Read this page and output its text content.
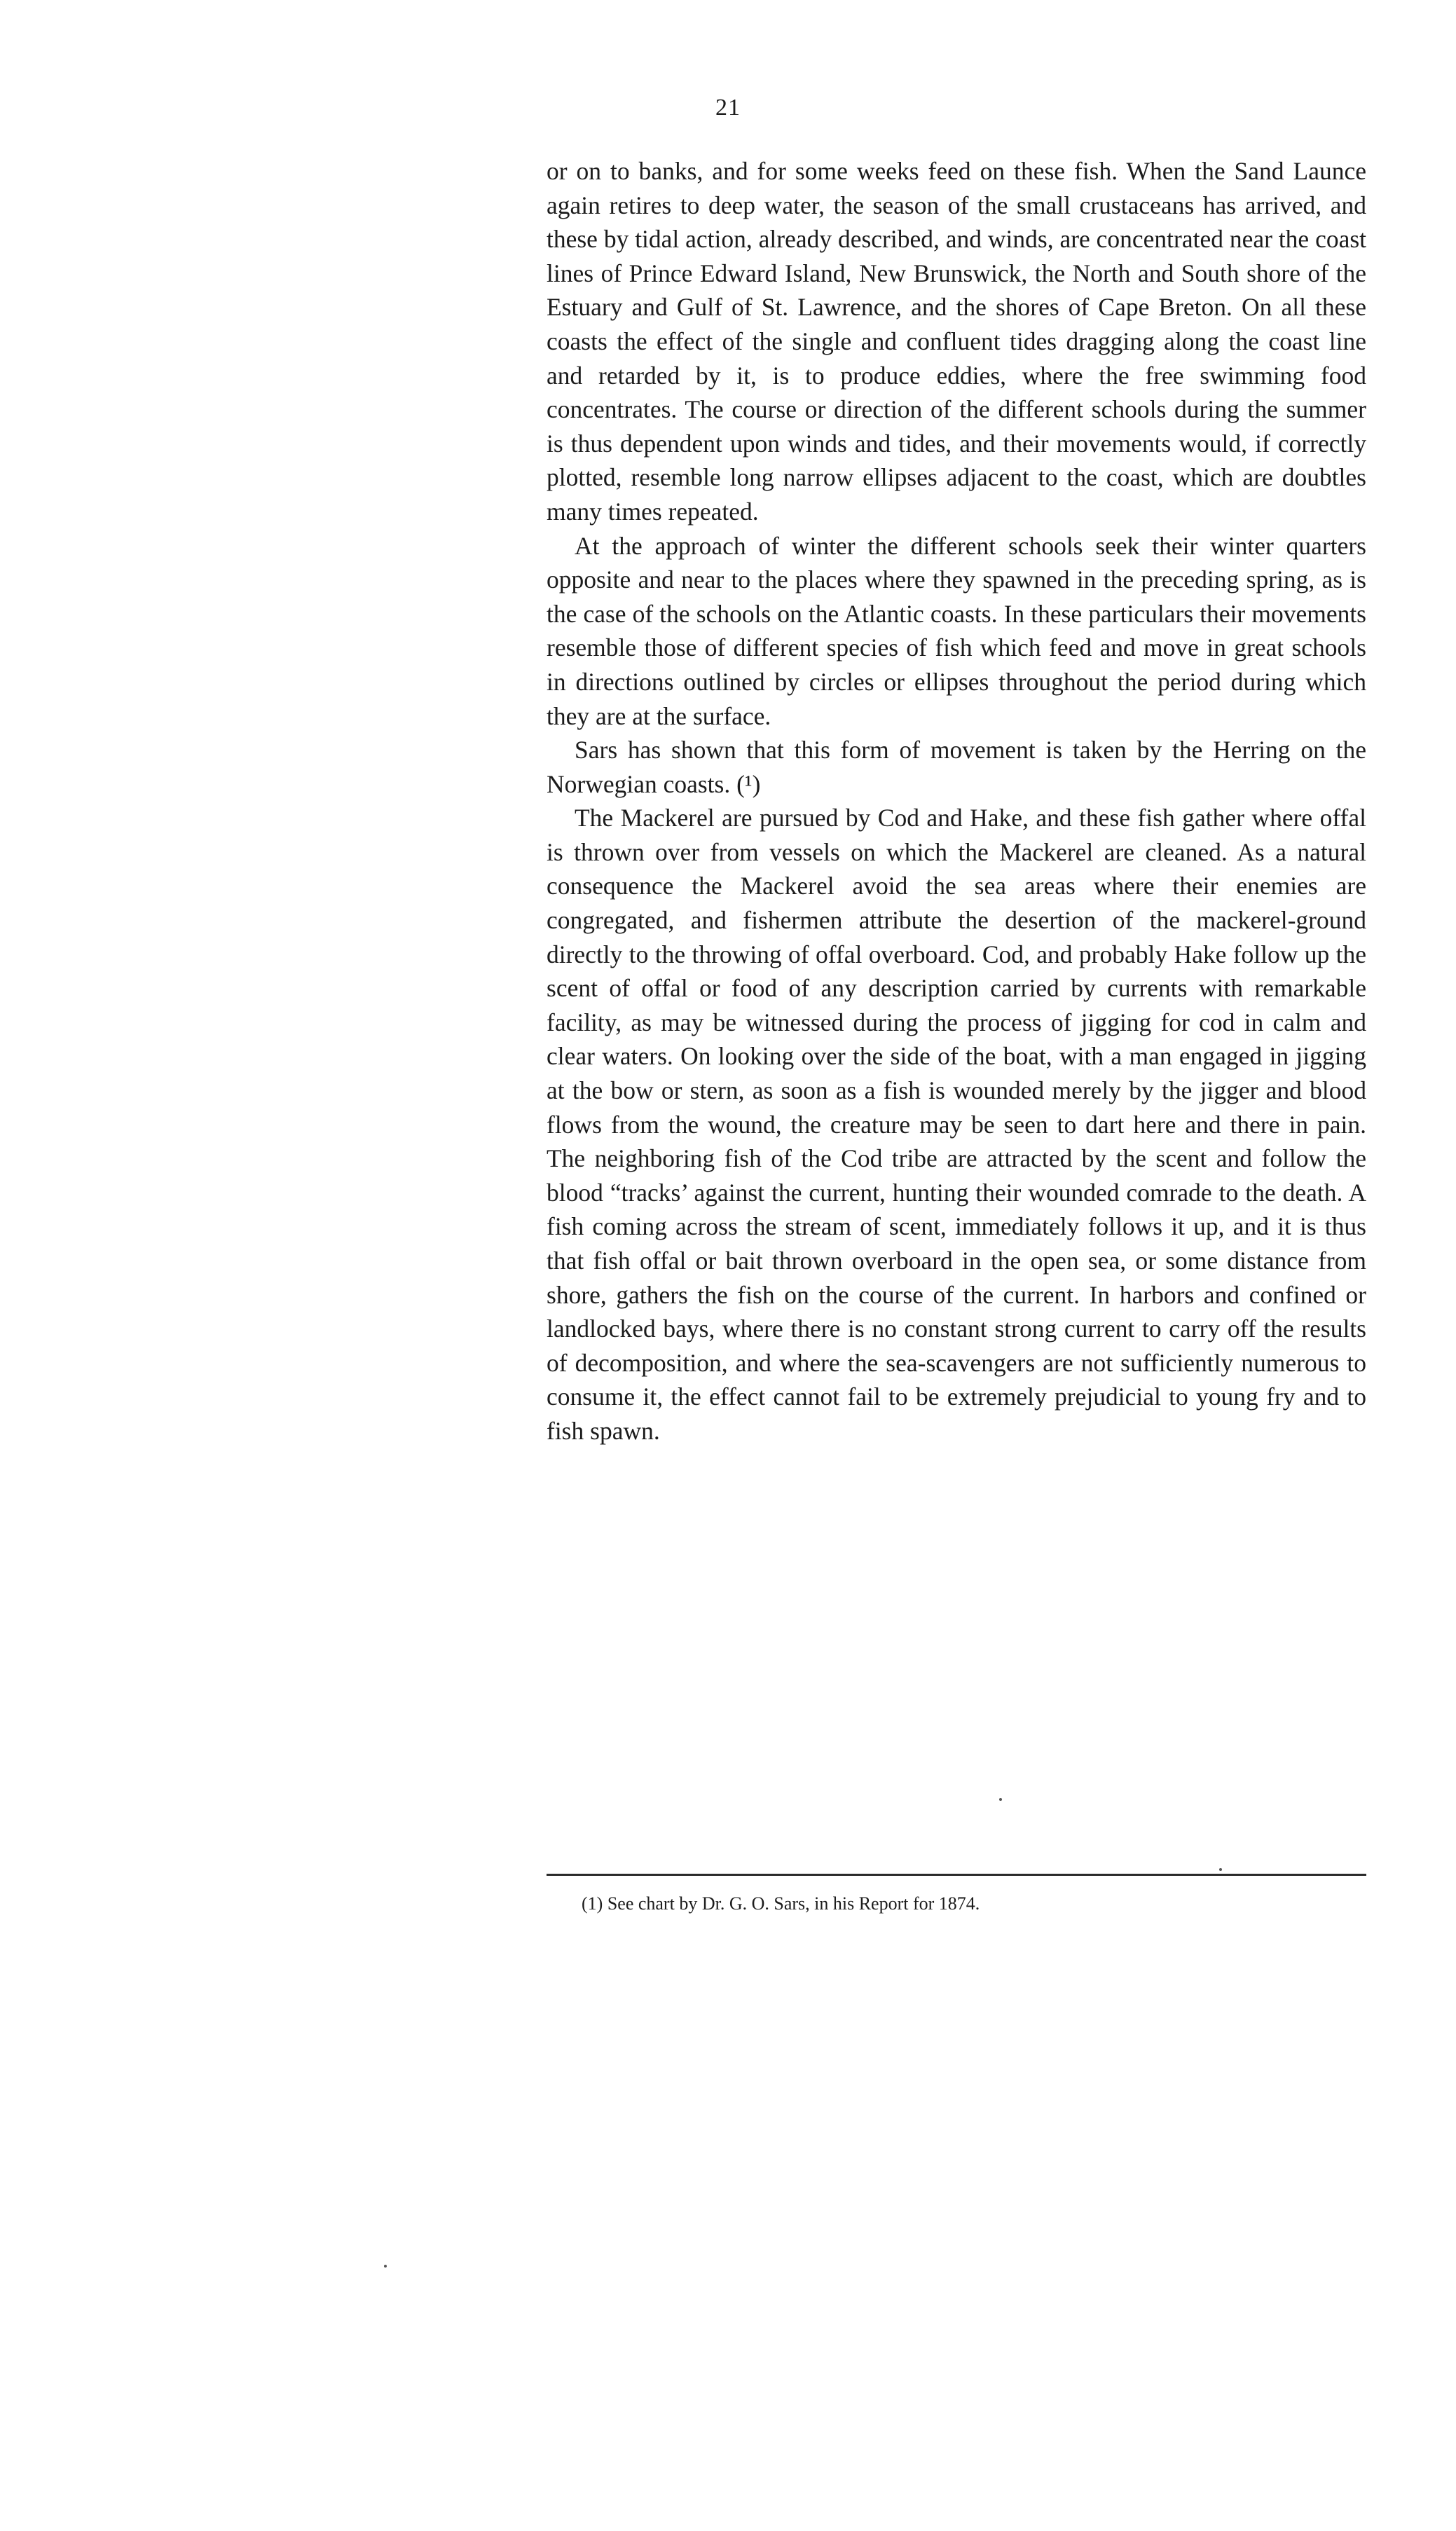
21

or on to banks, and for some weeks feed on these fish. When the Sand Launce again retires to deep water, the season of the small crustaceans has arrived, and these by tidal action, already described, and winds, are concentrated near the coast lines of Prince Edward Island, New Brunswick, the North and South shore of the Estuary and Gulf of St. Lawrence, and the shores of Cape Breton. On all these coasts the effect of the single and confluent tides dragging along the coast line and retarded by it, is to produce eddies, where the free swimming food concentrates. The course or direction of the different schools during the summer is thus dependent upon winds and tides, and their movements would, if correctly plotted, resemble long narrow ellipses adjacent to the coast, which are doubtles many times repeated.

At the approach of winter the different schools seek their winter quarters opposite and near to the places where they spawned in the preceding spring, as is the case of the schools on the Atlantic coasts. In these particulars their movements resemble those of different species of fish which feed and move in great schools in directions outlined by circles or ellipses throughout the period during which they are at the surface.

Sars has shown that this form of movement is taken by the Herring on the Norwegian coasts. (¹)

The Mackerel are pursued by Cod and Hake, and these fish gather where offal is thrown over from vessels on which the Mackerel are cleaned. As a natural consequence the Mackerel avoid the sea areas where their enemies are congregated, and fishermen attribute the desertion of the mackerel-ground directly to the throwing of offal overboard. Cod, and probably Hake follow up the scent of offal or food of any description carried by currents with remarkable facility, as may be witnessed during the process of jigging for cod in calm and clear waters. On looking over the side of the boat, with a man engaged in jigging at the bow or stern, as soon as a fish is wounded merely by the jigger and blood flows from the wound, the creature may be seen to dart here and there in pain. The neighboring fish of the Cod tribe are attracted by the scent and follow the blood “tracks’ against the current, hunting their wounded comrade to the death. A fish coming across the stream of scent, immediately follows it up, and it is thus that fish offal or bait thrown overboard in the open sea, or some distance from shore, gathers the fish on the course of the current. In harbors and confined or landlocked bays, where there is no constant strong current to carry off the results of decomposition, and where the sea-scavengers are not sufficiently numerous to consume it, the effect cannot fail to be extremely prejudicial to young fry and to fish spawn.

(1) See chart by Dr. G. O. Sars, in his Report for 1874.
